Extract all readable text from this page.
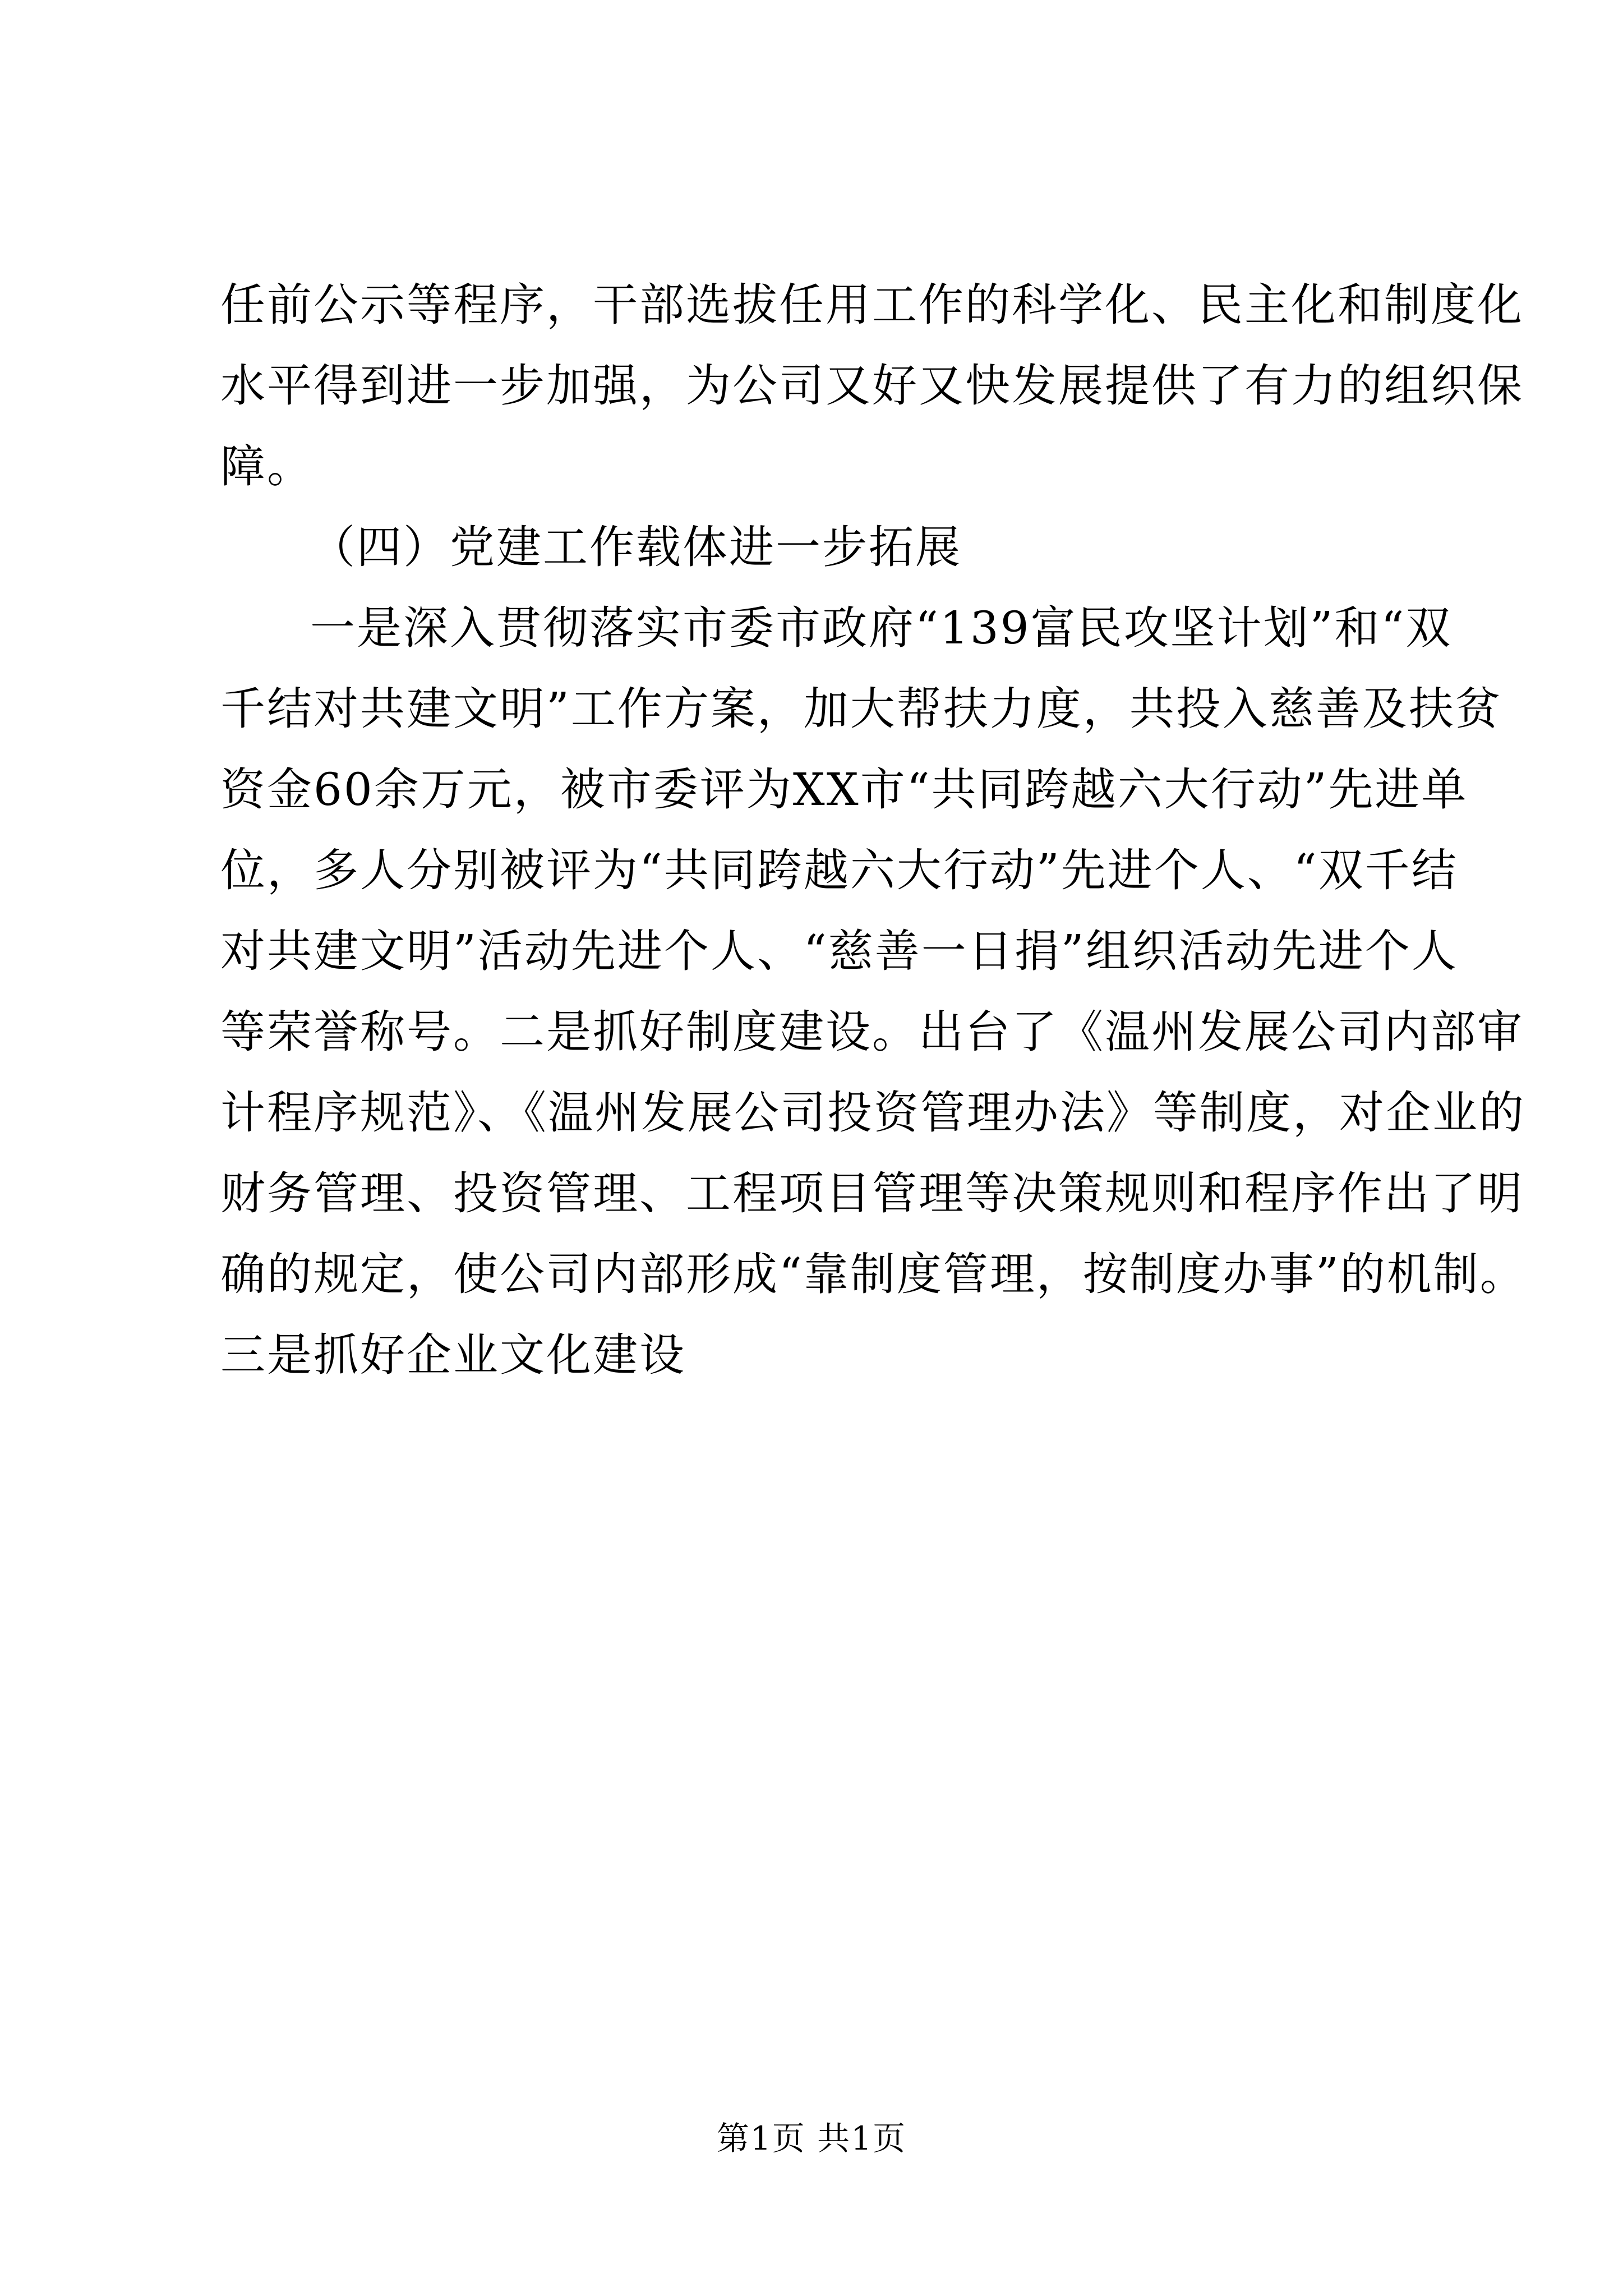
任前公示等程序，干部选拔任用工作的科学化、民主化和制度化
水平得到进一步加强，为公司又好又快发展提供了有力的组织保
障。
（四）党建工作载体进一步拓展
一是深入贯彻落实市委市政府“139富民攻坚计划”和“双
千结对共建文明”工作方案，加大帮扶力度，共投入慈善及扶贫
资金60余万元，被市委评为XX市“共同跨越六大行动”先进单
位，多人分别被评为“共同跨越六大行动”先进个人、“双千结
对共建文明”活动先进个人、“慈善一日捐”组织活动先进个人
等荣誉称号。二是抓好制度建设。出台了《温州发展公司内部审
计程序规范》、《温州发展公司投资管理办法》等制度，对企业的
财务管理、投资管理、工程项目管理等决策规则和程序作出了明
确的规定，使公司内部形成“靠制度管理，按制度办事”的机制。
三是抓好企业文化建设
第1页 共1页
